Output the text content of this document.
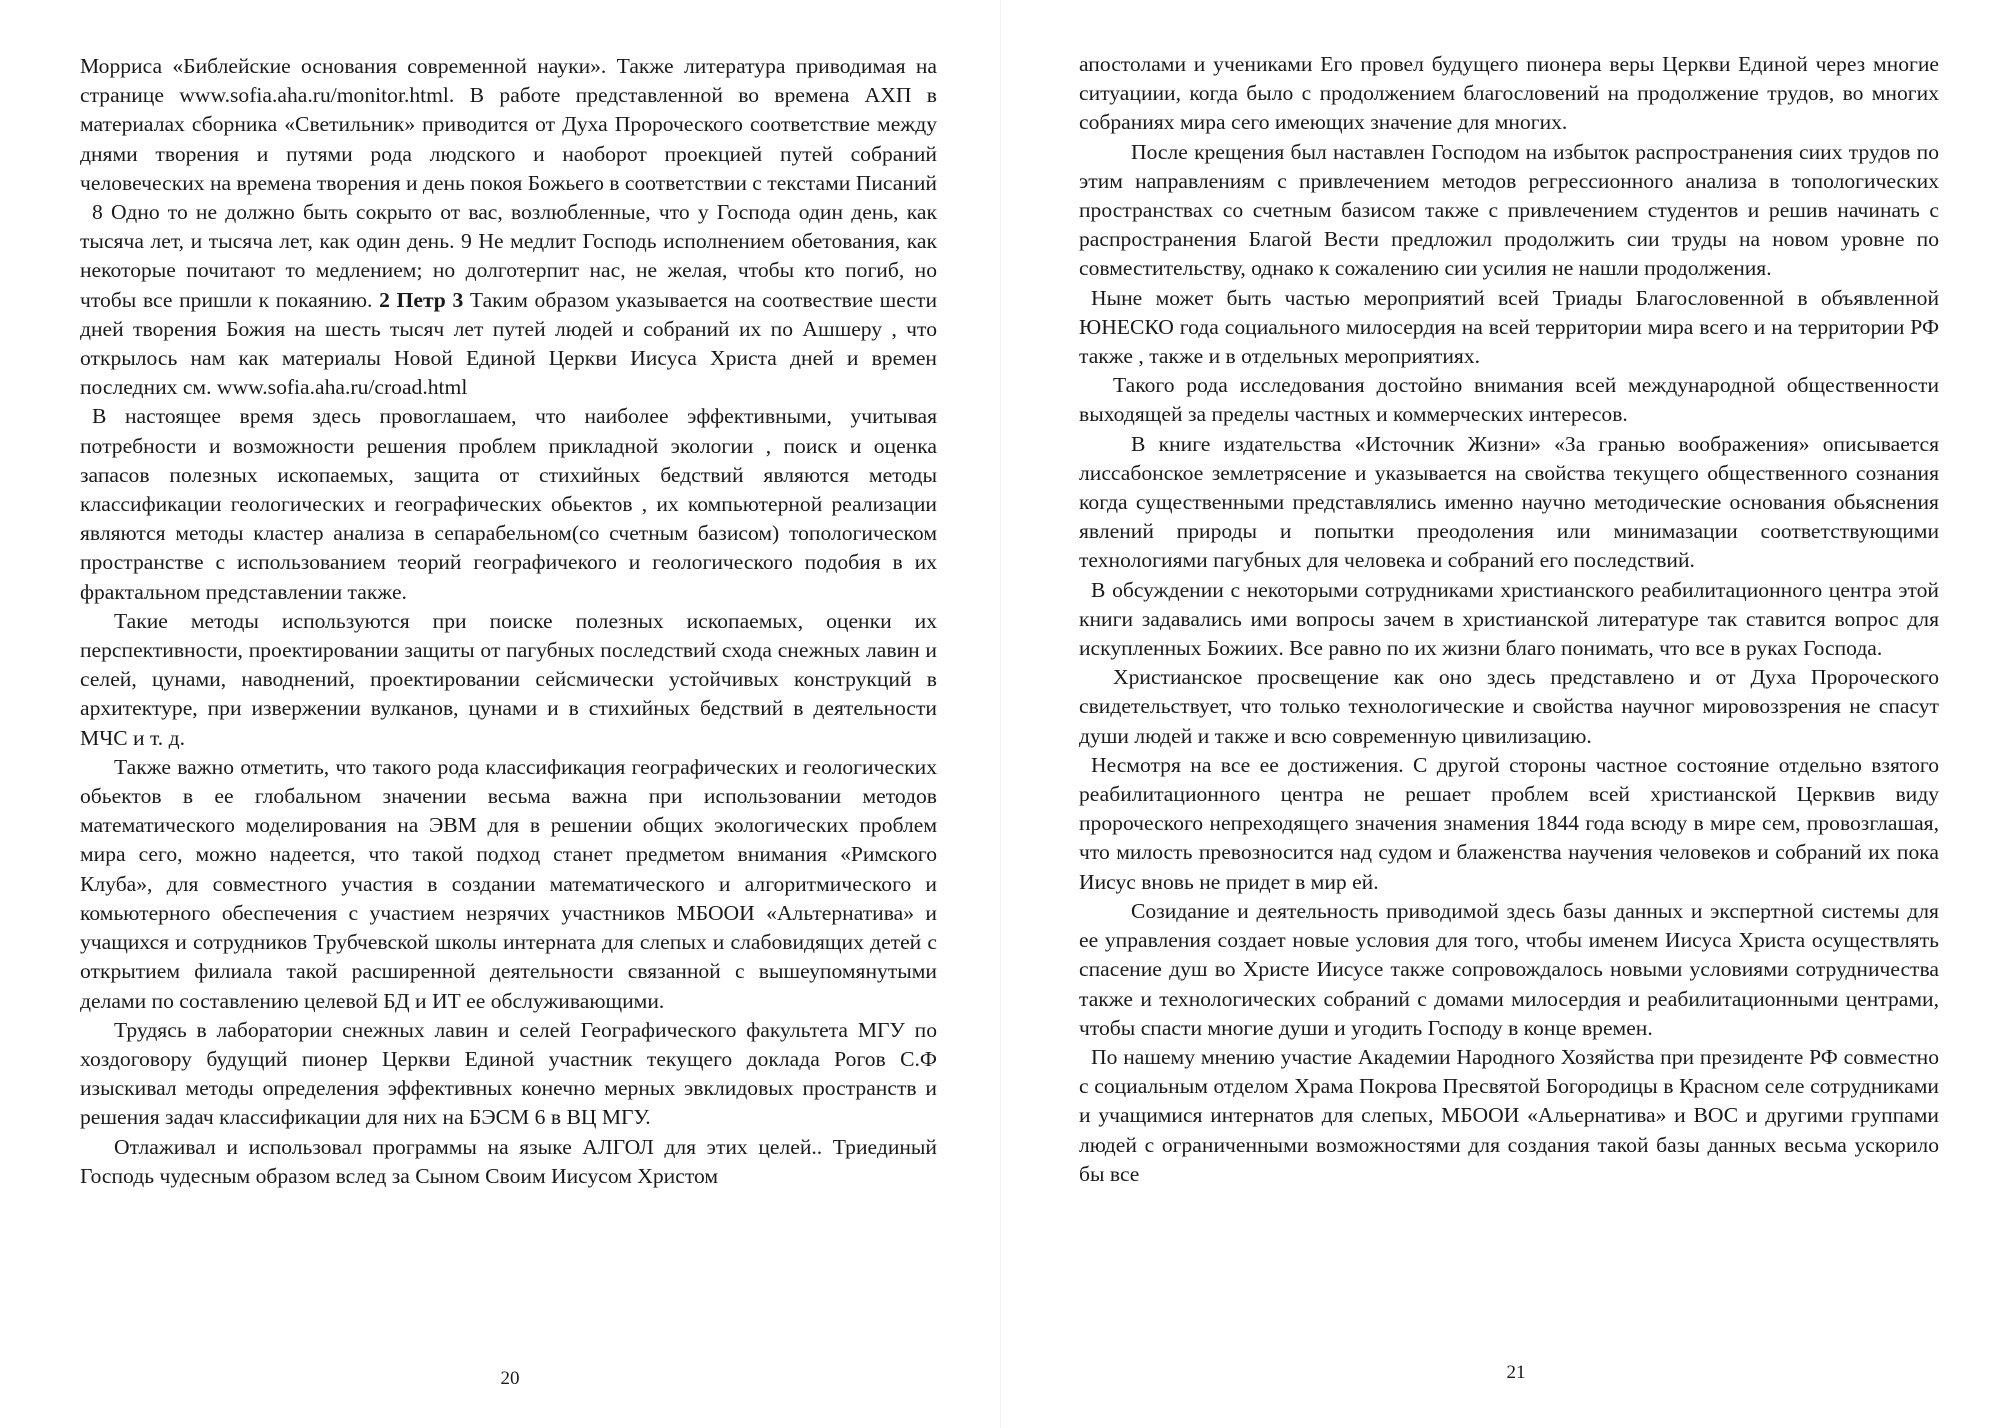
Морриса «Библейские основания современной науки». Также литература приводимая на странице www.sofia.aha.ru/monitor.html. В работе представленной во времена АХП в материалах сборника «Светильник» приводится от Духа Пророческого соответствие между днями творения и путями рода людского и наоборот проекцией путей собраний человеческих на времена творения и день покоя Божьего в соответствии с текстами Писаний

8 Одно то не должно быть сокрыто от вас, возлюбленные, что у Господа один день, как тысяча лет, и тысяча лет, как один день. 9 Не медлит Господь исполнением обетования, как некоторые почитают то медлением; но долготерпит нас, не желая, чтобы кто погиб, но чтобы все пришли к покаянию. 2 Петр 3 Таким образом указывается на соотвествие шести дней творения Божия на шесть тысяч лет путей людей и собраний их по Ашшеру , что открылось нам как материалы Новой Единой Церкви Иисуса Христа дней и времен последних см. www.sofia.aha.ru/croad.html

В настоящее время здесь провоглашаем, что наиболее эффективными, учитывая потребности и возможности решения проблем прикладной экологии , поиск и оценка запасов полезных ископаемых, защита от стихийных бедствий являются методы классификации геологических и географических обьектов , их компьютерной реализации являются методы кластер анализа в сепарабельном(со счетным базисом) топологическом пространстве с использованием теорий географичекого и геологического подобия в их фрактальном представлении также.

Такие методы используются при поиске полезных ископаемых, оценки их перспективности, проектировании защиты от пагубных последствий схода снежных лавин и селей, цунами, наводнений, проектировании сейсмически устойчивых конструкций в архитектуре, при извержении вулканов, цунами и в стихийных бедствий в деятельности МЧС и т. д.

Также важно отметить, что такого рода классификация географических и геологических обьектов в ее глобальном значении весьма важна при использовании методов математического моделирования на ЭВМ для в решении общих экологических проблем мира сего, можно надеется, что такой подход станет предметом внимания «Римского Клуба», для совместного участия в создании математического и алгоритмического и комьютерного обеспечения с участием незрячих участников МБООИ «Альтернатива» и учащихся и сотрудников Трубчевской школы интерната для слепых и слабовидящих детей с открытием филиала такой расширенной деятельности связанной с вышеупомянутыми делами по составлению целевой БД и ИТ ее обслуживающими.

Трудясь в лаборатории снежных лавин и селей Географического факультета МГУ по хоздоговору будущий пионер Церкви Единой участник текущего доклада Рогов С.Ф изыскивал методы определения эффективных конечно мерных эвклидовых пространств и решения задач классификации для них на БЭСМ 6 в ВЦ МГУ.

Отлаживал и использовал программы на языке АЛГОЛ для этих целей.. Триединый Господь чудесным образом вслед за Сыном Своим Иисусом Христом

20

апостолами и учениками Его провел будущего пионера веры Церкви Единой через многие ситуациии, когда было с продолжением благословений на продолжение трудов, во многих собраниях мира сего имеющих значение для многих.

После крещения был наставлен Господом на избыток распространения сиих трудов по этим направлениям с привлечением методов регрессионного анализа в топологических пространствах со счетным базисом также с привлечением студентов и решив начинать с распространения Благой Вести предложил продолжить сии труды на новом уровне по совместительству, однако к сожалению сии усилия не нашли продолжения.

Ныне может быть частью мероприятий всей Триады Благословенной в объявленной ЮНЕСКО года социального милосердия на всей территории мира всего и на территории РФ также , также и в отдельных мероприятиях.

Такого рода исследования достойно внимания всей международной общественности выходящей за пределы частных и коммерческих интересов.

В книге издательства «Источник Жизни» «За гранью воображения» описывается лиссабонское землетрясение и указывается на свойства текущего общественного сознания когда существенными представлялись именно научно методические основания обьяснения явлений природы и попытки преодоления или минимазации соответствующими технологиями пагубных для человека и собраний его последствий.

В обсуждении с некоторыми сотрудниками христианского реабилитационного центра этой книги задавались ими вопросы зачем в христианской литературе так ставится вопрос для искупленных Божиих. Все равно по их жизни благо понимать, что все в руках Господа.

Христианское просвещение как оно здесь представлено и от Духа Пророческого свидетельствует, что только технологические и свойства научног мировоззрения не спасут души людей и также и всю современную цивилизацию.

Несмотря на все ее достижения. С другой стороны частное состояние отдельно взятого реабилитационного центра не решает проблем всей христианской Церквив виду пророческого непреходящего значения знамения 1844 года всюду в мире сем, провозглашая, что милость превозносится над судом и блаженства научения человеков и собраний их пока Иисус вновь не придет в мир ей.

Созидание и деятельность приводимой здесь базы данных и экспертной системы для ее управления создает новые условия для того, чтобы именем Иисуса Христа осуществлять спасение душ во Христе Иисусе также сопровождалось новыми условиями сотрудничества также и технологических собраний с домами милосердия и реабилитационными центрами, чтобы спасти многие души и угодить Господу в конце времен.

По нашему мнению участие Академии Народного Хозяйства при президенте РФ совместно с социальным отделом Храма Покрова Пресвятой Богородицы в Красном селе сотрудниками и учащимися интернатов для слепых, МБООИ «Альернатива» и ВОС и другими группами людей с ограниченными возможностями для создания такой базы данных весьма ускорило бы все

21
